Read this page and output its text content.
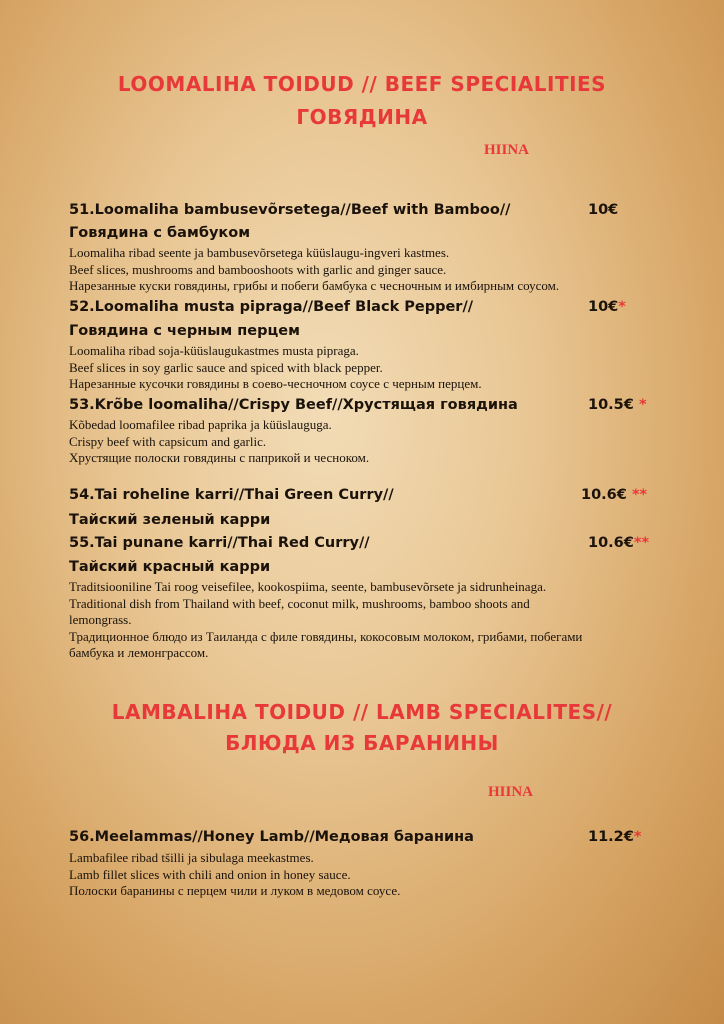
LOOMALIHA TOIDUD // BEEF SPECIALITIES
ГОВЯДИНА
HIINA
51.Loomaliha bambusevõrsetega//Beef with Bamboo//	10€
Говядина с бамбуком
Loomaliha ribad seente ja bambusevõrsetega küüslaugu-ingveri kastmes.
Beef slices, mushrooms and bambooshoots with garlic and ginger sauce.
Нарезанные куски говядины, грибы и побеги бамбука с чесночным и имбирным соусом.
52.Loomaliha musta pipraga//Beef Black Pepper//	10€*
Говядина с черным перцем
Loomaliha ribad soja-küüslaugukastmes musta pipraga.
Beef slices in soy garlic sauce and spiced with black pepper.
Нарезанные кусочки говядины в соево-чесночном соусе с черным перцем.
53.Krõbe loomaliha//Crispy Beef//Хрустящая говядина	10.5€ *
Kõbedad loomafilee ribad paprika ja küüslauguga.
Crispy beef with capsicum and garlic.
Хрустящие полоски говядины с паприкой и чесноком.
54.Tai roheline karri//Thai Green Curry//	10.6€ **
Тайский зеленый карри
55.Tai punane karri//Thai Red Curry//	10.6€**
Тайский красный карри
Traditsiooniline Tai roog veisefilee, kookospiima, seente, bambusevõrsete ja sidrunheinaga.
Traditional dish from Thailand with beef, coconut milk, mushrooms, bamboo shoots and
lemongrass.
Традиционное блюдо из Таиланда с филе говядины, кокосовым молоком, грибами, побегами
бамбука и лемонграссом.
LAMBALIHA TOIDUD // LAMB SPECIALITES//
БЛЮДА ИЗ БАРАНИНЫ
HIINA
56.Meelammas//Honey Lamb//Медовая баранина	11.2€*
Lambafilee ribad tšilli ja sibulaga meekastmes.
Lamb fillet slices with chili and onion in honey sauce.
Полоски баранины с перцем чили и луком в медовом соусе.
